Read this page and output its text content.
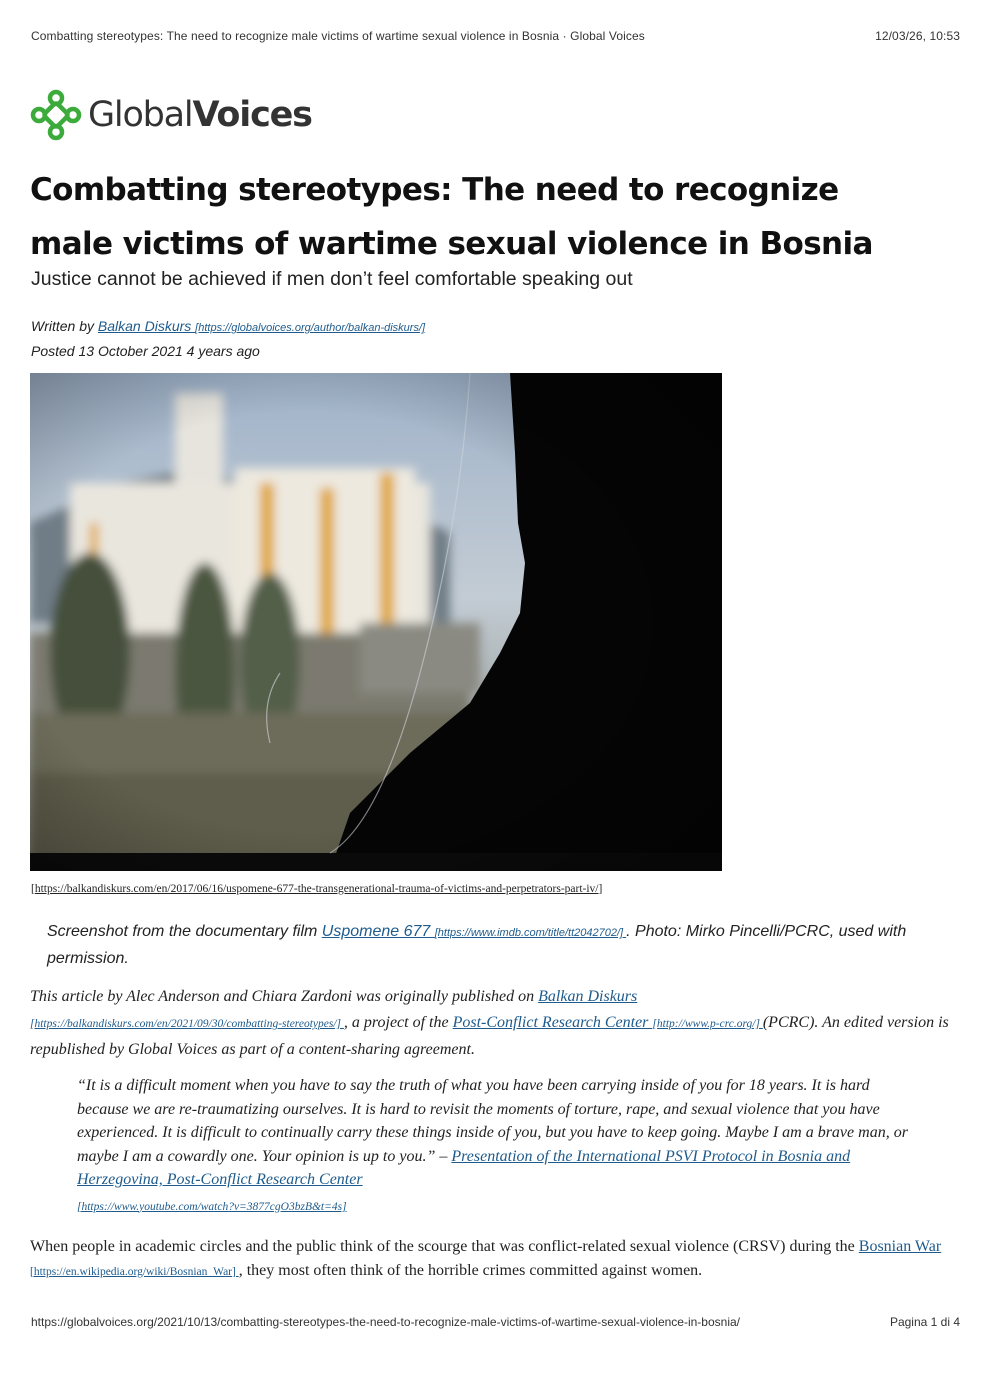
Combatting stereotypes: The need to recognize male victims of wartime sexual violence in Bosnia · Global Voices	12/03/26, 10:53
GlobalVoices
Combatting stereotypes: The need to recognize male victims of wartime sexual violence in Bosnia

Justice cannot be achieved if men don’t feel comfortable speaking out

Written by Balkan Diskurs [https://globalvoices.org/author/balkan-diskurs/]
Posted 13 October 2021 4 years ago
[https://balkandiskurs.com/en/2017/06/16/uspomene-677-the-transgenerational-trauma-of-victims-and-perpetrators-part-iv/]
Screenshot from the documentary film Uspomene 677 [https://www.imdb.com/title/tt2042702/] . Photo: Mirko Pincelli/PCRC, used with permission.
This article by Alec Anderson and Chiara Zardoni was originally published on Balkan Diskurs
[https://balkandiskurs.com/en/2021/09/30/combatting-stereotypes/] , a project of the Post-Conflict Research Center [http://www.p-crc.org/] (PCRC). An edited version is republished by Global Voices as part of a content-sharing agreement.
“It is a difficult moment when you have to say the truth of what you have been carrying inside of you for 18 years. It is hard because we are re-traumatizing ourselves. It is hard to revisit the moments of torture, rape, and sexual violence that you have experienced. It is difficult to continually carry these things inside of you, but you have to keep going. Maybe I am a brave man, or maybe I am a cowardly one. Your opinion is up to you.” – Presentation of the International PSVI Protocol in Bosnia and Herzegovina, Post-Conflict Research Center
[https://www.youtube.com/watch?v=3877cgO3bzB&t=4s]
When people in academic circles and the public think of the scourge that was conflict-related sexual violence (CRSV) during the Bosnian War [https://en.wikipedia.org/wiki/Bosnian_War] , they most often think of the horrible crimes committed against women.
https://globalvoices.org/2021/10/13/combatting-stereotypes-the-need-to-recognize-male-victims-of-wartime-sexual-violence-in-bosnia/	Pagina 1 di 4
